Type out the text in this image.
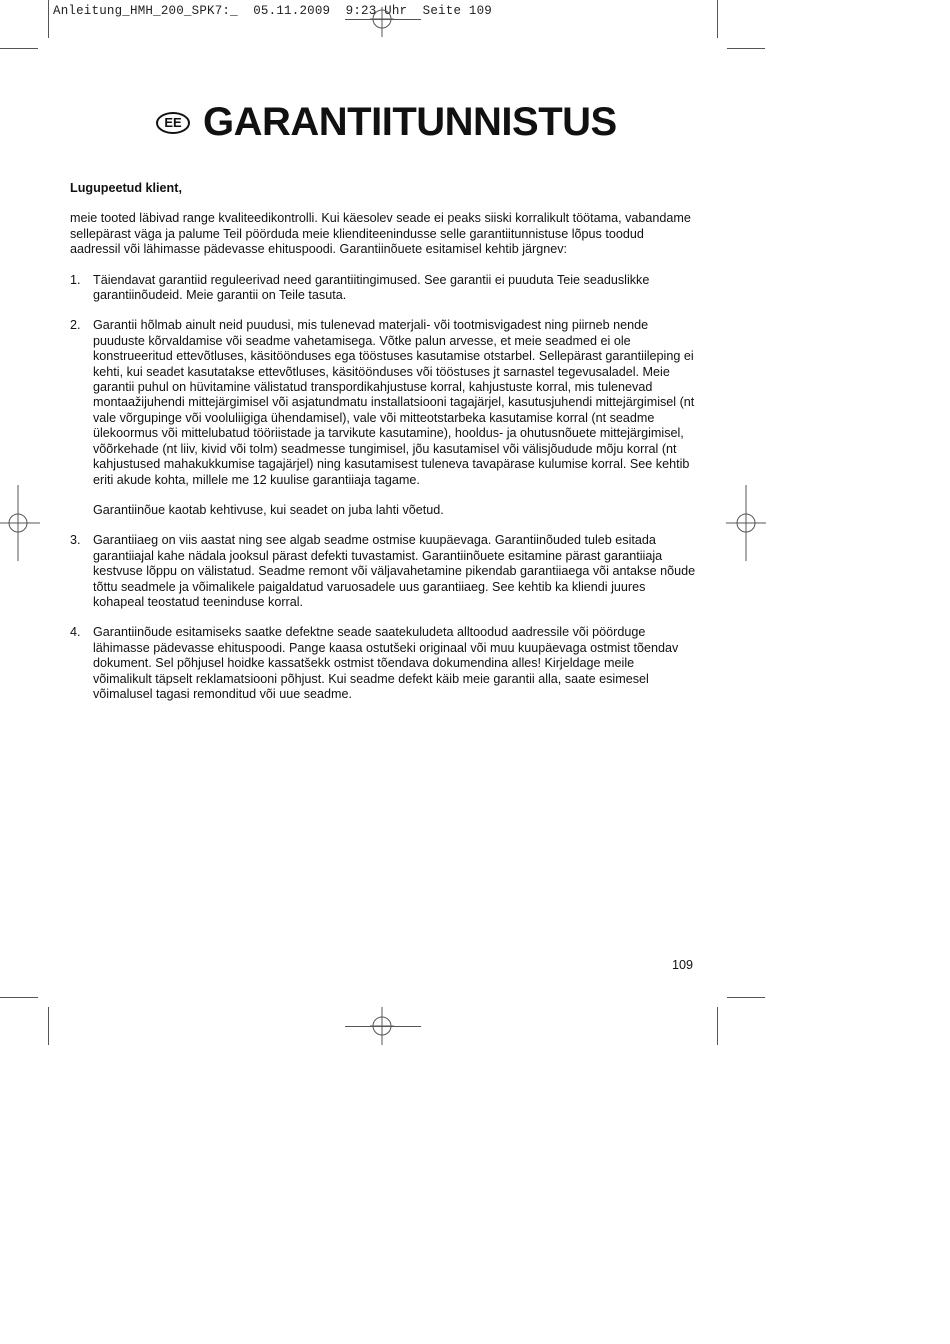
Anleitung_HMH_200_SPK7:_  05.11.2009  9:23 Uhr  Seite 109
EE GARANTIITUNNISTUS

Lugupeetud klient,

meie tooted läbivad range kvaliteedikontrolli. Kui käesolev seade ei peaks siiski korralikult töötama, vabandame sellepärast väga ja palume Teil pöörduda meie klienditeenindusse selle garantiitunnistuse lõpus toodud aadressil või lähimasse pädevasse ehituspoodi. Garantiinõuete esitamisel kehtib järgnev:

1. Täiendavat garantiid reguleerivad need garantiitingimused. See garantii ei puuduta Teie seaduslikke garantiinõudeid. Meie garantii on Teile tasuta.

2. Garantii hõlmab ainult neid puudusi, mis tulenevad materjali- või tootmisvigadest ning piirneb nende puuduste kõrvaldamise või seadme vahetamisega. Võtke palun arvesse, et meie seadmed ei ole konstrueeritud ettevõtluses, käsitöönduses ega tööstuses kasutamise otstarbel. Sellepärast garantiileping ei kehti, kui seadet kasutatakse ettevõtluses, käsitöönduses või tööstuses jt sarnastel tegevusaladel. Meie garantii puhul on hüvitamine välistatud transpordikahjustuse korral, kahjustuste korral, mis tulenevad montaažijuhendi mittejärgimisel või asjatundmatu installatsiooni tagajärjel, kasutusjuhendi mittejärgimisel (nt vale võrgupinge või vooluliigiga ühendamisel), vale või mitteotstarbeka kasutamise korral (nt seadme ülekoormus või mittelubatud tööriistade ja tarvikute kasutamine), hooldus- ja ohutusnõuete mittejärgimisel, võõrkehade (nt liiv, kivid või tolm) seadmesse tungimisel, jõu kasutamisel või välisjõudude mõju korral (nt kahjustused mahakukkumise tagajärjel) ning kasutamisest tuleneva tavapärase kulumise korral. See kehtib eriti akude kohta, millele me 12 kuulise garantiiaja tagame.

Garantiinõue kaotab kehtivuse, kui seadet on juba lahti võetud.

3. Garantiiaeg on viis aastat ning see algab seadme ostmise kuupäevaga. Garantiinõuded tuleb esitada garantiiajal kahe nädala jooksul pärast defekti tuvastamist. Garantiinõuete esitamine pärast garantiiaja kestvuse lõppu on välistatud. Seadme remont või väljavahetamine pikendab garantiiaega või antakse nõude tõttu seadmele ja võimalikele paigaldatud varuosadele uus garantiiaeg. See kehtib ka kliendi juures kohapeal teostatud teeninduse korral.

4. Garantiinõude esitamiseks saatke defektne seade saatekuludeta alltoodud aadressile või pöörduge lähimasse pädevasse ehituspoodi. Pange kaasa ostutšeki originaal või muu kuupäevaga ostmist tõendav dokument. Sel põhjusel hoidke kassatšekk ostmist tõendava dokumendina alles! Kirjeldage meile võimalikult täpselt reklamatsiooni põhjust. Kui seadme defekt käib meie garantii alla, saate esimesel võimalusel tagasi remonditud või uue seadme.

109
